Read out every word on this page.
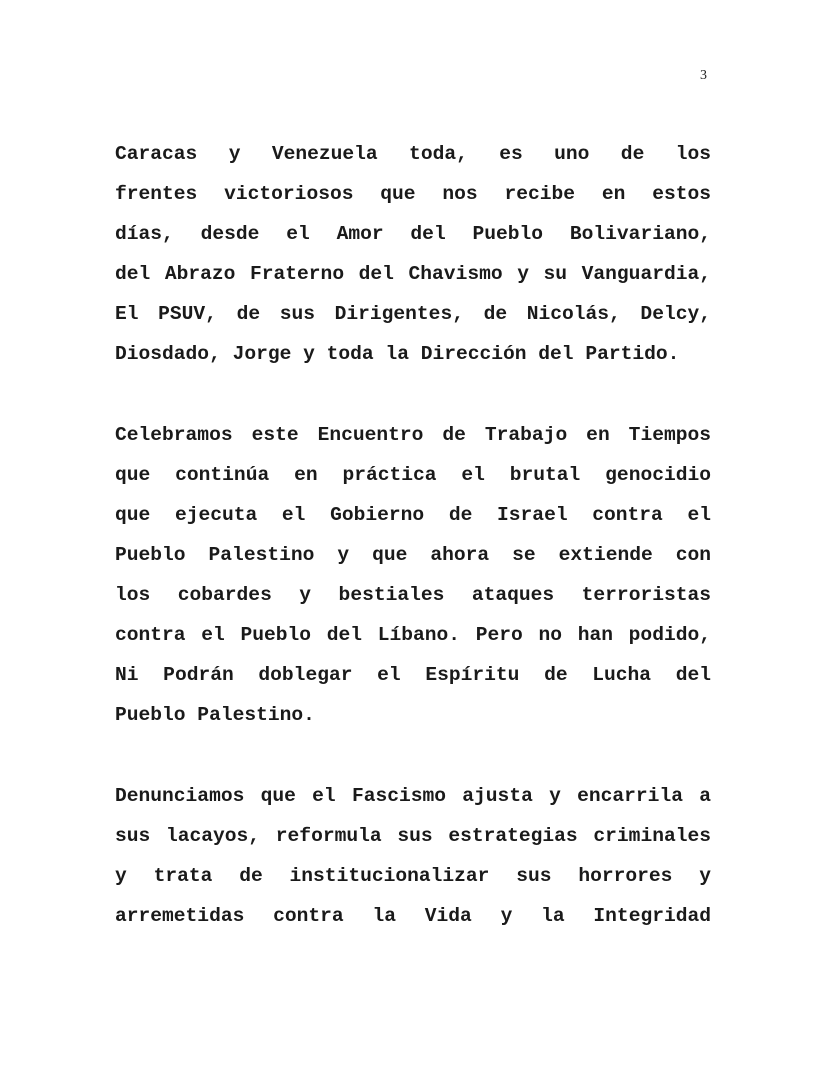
3
Caracas y Venezuela toda, es uno de los
frentes victoriosos que nos recibe en estos
días, desde el Amor del Pueblo Bolivariano,
del Abrazo Fraterno del Chavismo y su Vanguardia,
El PSUV, de sus Dirigentes, de Nicolás, Delcy,
Diosdado, Jorge y toda la Dirección del Partido.
Celebramos este Encuentro de Trabajo en Tiempos
que continúa en práctica el brutal genocidio
que ejecuta el Gobierno de Israel contra el
Pueblo Palestino y que ahora se extiende con
los cobardes y bestiales ataques terroristas
contra el Pueblo del Líbano. Pero no han podido,
Ni Podrán doblegar el Espíritu de Lucha del
Pueblo Palestino.
Denunciamos que el Fascismo ajusta y encarrila a
sus lacayos, reformula sus estrategias criminales
y trata de institucionalizar sus horrores y
arremetidas contra la Vida y la Integridad
